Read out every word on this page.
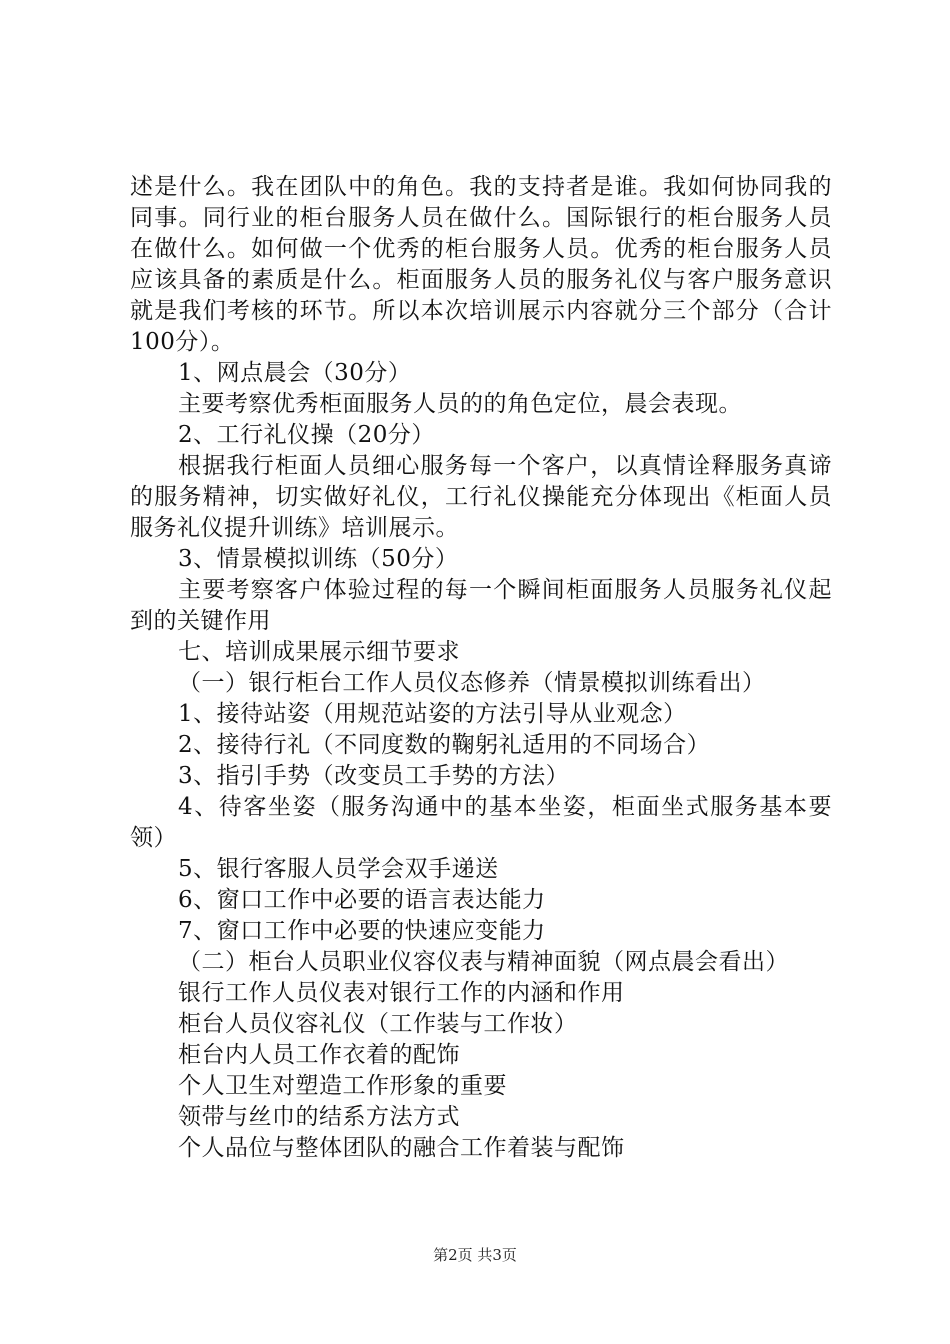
述是什么。我在团队中的角色。我的支持者是谁。我如何协同我的同事。同行业的柜台服务人员在做什么。国际银行的柜台服务人员在做什么。如何做一个优秀的柜台服务人员。优秀的柜台服务人员应该具备的素质是什么。柜面服务人员的服务礼仪与客户服务意识就是我们考核的环节。所以本次培训展示内容就分三个部分（合计100分）。

1、网点晨会（30分）

主要考察优秀柜面服务人员的的角色定位，晨会表现。

2、工行礼仪操（20分）

根据我行柜面人员细心服务每一个客户，以真情诠释服务真谛的服务精神，切实做好礼仪，工行礼仪操能充分体现出《柜面人员服务礼仪提升训练》培训展示。

3、情景模拟训练（50分）

主要考察客户体验过程的每一个瞬间柜面服务人员服务礼仪起到的关键作用

七、培训成果展示细节要求

（一）银行柜台工作人员仪态修养（情景模拟训练看出）

1、接待站姿（用规范站姿的方法引导从业观念）

2、接待行礼（不同度数的鞠躬礼适用的不同场合）

3、指引手势（改变员工手势的方法）

4、待客坐姿（服务沟通中的基本坐姿，柜面坐式服务基本要领）

5、银行客服人员学会双手递送

6、窗口工作中必要的语言表达能力

7、窗口工作中必要的快速应变能力

（二）柜台人员职业仪容仪表与精神面貌（网点晨会看出）

银行工作人员仪表对银行工作的内涵和作用

柜台人员仪容礼仪（工作装与工作妆）

柜台内人员工作衣着的配饰

个人卫生对塑造工作形象的重要

领带与丝巾的结系方法方式

个人品位与整体团队的融合工作着装与配饰

第2页 共3页
